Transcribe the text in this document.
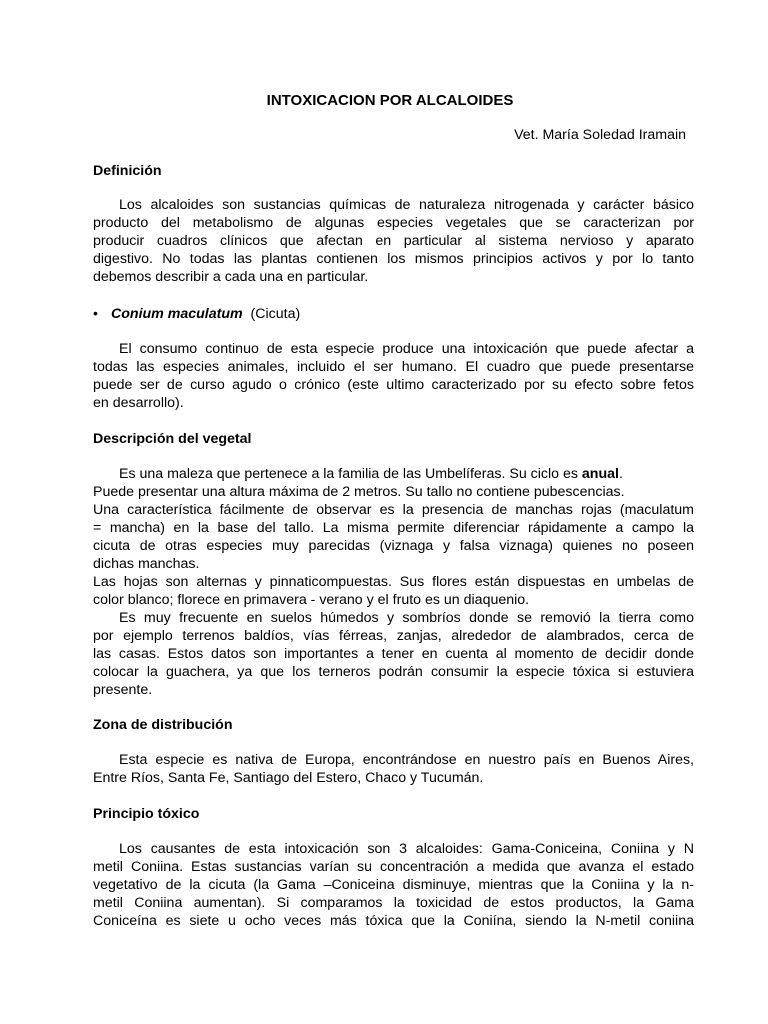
INTOXICACION POR ALCALOIDES
Vet. María Soledad Iramain
Definición
Los alcaloides son sustancias químicas de naturaleza nitrogenada y carácter básico
producto del metabolismo de algunas especies vegetales que se caracterizan por
producir cuadros clínicos que afectan en particular al sistema nervioso y aparato
digestivo. No todas las plantas contienen los mismos principios activos y por lo tanto
debemos describir a cada una en particular.
• Conium maculatum
(Cicuta)
El consumo continuo de esta especie produce una intoxicación que puede afectar a
todas las especies animales, incluido el ser humano. El cuadro que puede presentarse
puede ser de curso agudo o crónico (este ultimo caracterizado por su efecto sobre fetos
en desarrollo).
Descripción del vegetal
Es una maleza que pertenece a la familia de las Umbelíferas. Su ciclo es anual.
Puede presentar una altura máxima de 2 metros. Su tallo no contiene pubescencias.
Una característica fácilmente de observar es la presencia de manchas rojas (maculatum
= mancha) en la base del tallo. La misma permite diferenciar rápidamente a campo la
cicuta de otras especies muy parecidas (viznaga y falsa viznaga) quienes no poseen
dichas manchas.
Las hojas son alternas y pinnaticompuestas. Sus flores están dispuestas en umbelas de
color blanco; florece en primavera - verano y el fruto es un diaquenio.
Es muy frecuente en suelos húmedos y sombríos donde se removió la tierra como
por ejemplo terrenos baldíos, vías férreas, zanjas, alrededor de alambrados, cerca de
las casas. Estos datos son importantes a tener en cuenta al momento de decidir donde
colocar la guachera, ya que los terneros podrán consumir la especie tóxica si estuviera
presente.
Zona de distribución
Esta especie es nativa de Europa, encontrándose en nuestro país en Buenos Aires,
Entre Ríos, Santa Fe, Santiago del Estero, Chaco y Tucumán.
Principio tóxico
Los causantes de esta intoxicación son 3 alcaloides: Gama-Coniceina, Coniina y N
metil Coniina. Estas sustancias varían su concentración a medida que avanza el estado
vegetativo de la cicuta (la Gama –Coniceina disminuye, mientras que la Coniina y la n-
metil Coniina aumentan). Si comparamos la toxicidad de estos productos, la Gama
Coniceína es siete u ocho veces más tóxica que la Coniína, siendo la N-metil coniina
